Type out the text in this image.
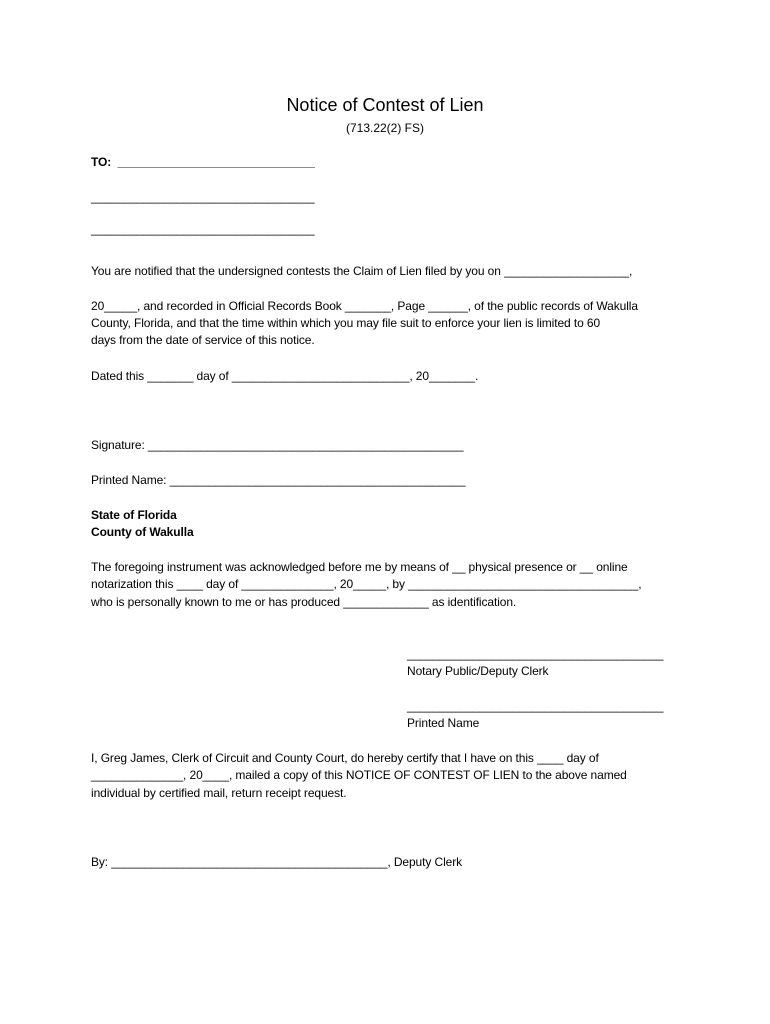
Notice of Contest of Lien
(713.22(2) FS)
TO:  ______________________________
__________________________________
__________________________________
You are notified that the undersigned contests the Claim of Lien filed by you on ___________________,
20_____, and recorded in Official Records Book _______, Page ______, of the public records of Wakulla
County, Florida, and that the time within which you may file suit to enforce your lien is limited to 60
days from the date of service of this notice.
Dated this _______ day of ___________________________, 20_______.
Signature: ________________________________________________
Printed Name: _____________________________________________
State of Florida
County of Wakulla
The foregoing instrument was acknowledged before me by means of __ physical presence or __ online
notarization this ____ day of ______________, 20_____, by ___________________________________,
who is personally known to me or has produced _____________ as identification.
_______________________________________
Notary Public/Deputy Clerk
_______________________________________
Printed Name
I, Greg James, Clerk of Circuit and County Court, do hereby certify that I have on this ____ day of
______________, 20____, mailed a copy of this NOTICE OF CONTEST OF LIEN to the above named
individual by certified mail, return receipt request.
By: __________________________________________, Deputy Clerk
